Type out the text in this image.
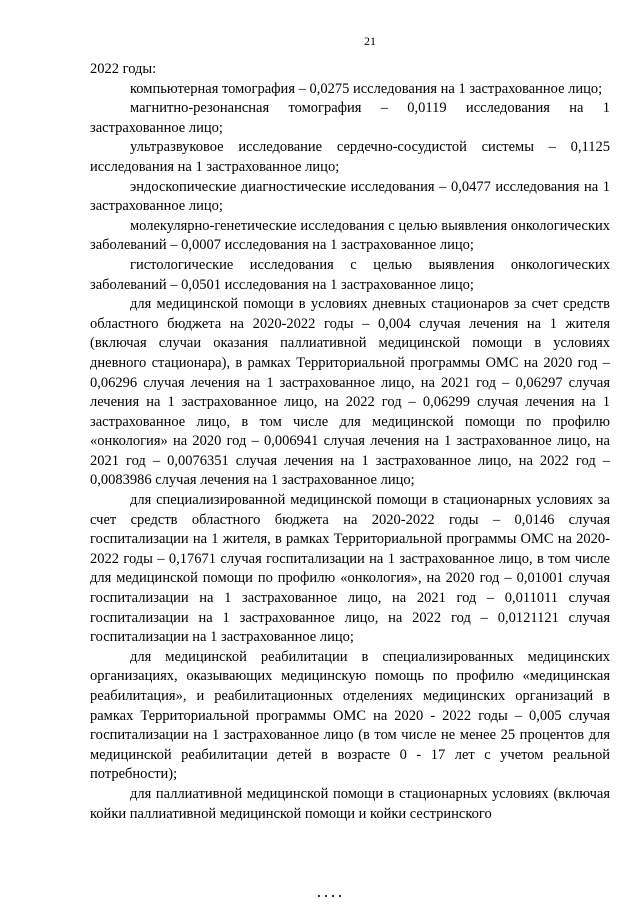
21

2022 годы:

компьютерная томография – 0,0275 исследования на 1 застрахованное лицо;

магнитно-резонансная томография – 0,0119 исследования на 1 застрахованное лицо;

ультразвуковое исследование сердечно-сосудистой системы – 0,1125 исследования на 1 застрахованное лицо;

эндоскопические диагностические исследования – 0,0477 исследования на 1 застрахованное лицо;

молекулярно-генетические исследования с целью выявления онкологических заболеваний – 0,0007 исследования на 1 застрахованное лицо;

гистологические исследования с целью выявления онкологических заболеваний – 0,0501 исследования на 1 застрахованное лицо;

для медицинской помощи в условиях дневных стационаров за счет средств областного бюджета на 2020-2022 годы – 0,004 случая лечения на 1 жителя (включая случаи оказания паллиативной медицинской помощи в условиях дневного стационара), в рамках Территориальной программы ОМС на 2020 год – 0,06296 случая лечения на 1 застрахованное лицо, на 2021 год – 0,06297 случая лечения на 1 застрахованное лицо, на 2022 год – 0,06299 случая лечения на 1 застрахованное лицо, в том числе для медицинской помощи по профилю «онкология» на 2020 год – 0,006941 случая лечения на 1 застрахованное лицо, на 2021 год – 0,0076351 случая лечения на 1 застрахованное лицо, на 2022 год – 0,0083986 случая лечения на 1 застрахованное лицо;

для специализированной медицинской помощи в стационарных условиях за счет средств областного бюджета на 2020-2022 годы – 0,0146 случая госпитализации на 1 жителя, в рамках Территориальной программы ОМС на 2020-2022 годы – 0,17671 случая госпитализации на 1 застрахованное лицо, в том числе для медицинской помощи по профилю «онкология», на 2020 год – 0,01001 случая госпитализации на 1 застрахованное лицо, на 2021 год – 0,011011 случая госпитализации на 1 застрахованное лицо, на 2022 год – 0,0121121 случая госпитализации на 1 застрахованное лицо;

для медицинской реабилитации в специализированных медицинских организациях, оказывающих медицинскую помощь по профилю «медицинская реабилитация», и реабилитационных отделениях медицинских организаций в рамках Территориальной программы ОМС на 2020 - 2022 годы – 0,005 случая госпитализации на 1 застрахованное лицо (в том числе не менее 25 процентов для медицинской реабилитации детей в возрасте 0 - 17 лет с учетом реальной потребности);

для паллиативной медицинской помощи в стационарных условиях (включая койки паллиативной медицинской помощи и койки сестринского
